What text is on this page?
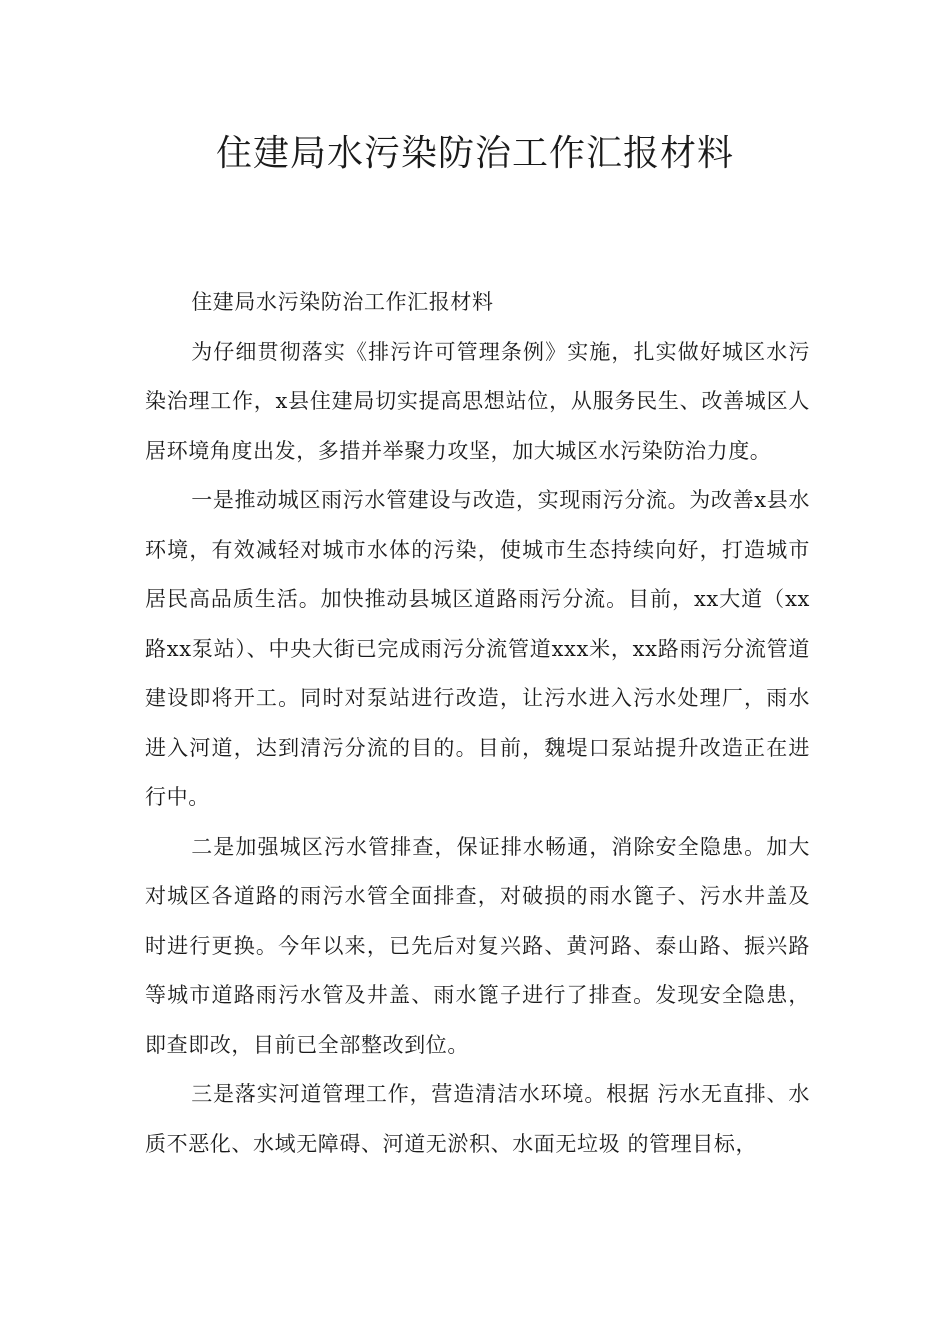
住建局水污染防治工作汇报材料

住建局水污染防治工作汇报材料

为仔细贯彻落实《排污许可管理条例》实施，扎实做好城区水污染治理工作，x县住建局切实提高思想站位，从服务民生、改善城区人居环境角度出发，多措并举聚力攻坚，加大城区水污染防治力度。

一是推动城区雨污水管建设与改造，实现雨污分流。为改善x县水环境，有效减轻对城市水体的污染，使城市生态持续向好，打造城市居民高品质生活。加快推动县城区道路雨污分流。目前，xx大道（xx路xx泵站）、中央大街已完成雨污分流管道xxx米，xx路雨污分流管道建设即将开工。同时对泵站进行改造，让污水进入污水处理厂，雨水进入河道，达到清污分流的目的。目前，魏堤口泵站提升改造正在进行中。

二是加强城区污水管排查，保证排水畅通，消除安全隐患。加大对城区各道路的雨污水管全面排查，对破损的雨水篦子、污水井盖及时进行更换。今年以来，已先后对复兴路、黄河路、泰山路、振兴路等城市道路雨污水管及井盖、雨水篦子进行了排查。发现安全隐患，即查即改，目前已全部整改到位。

三是落实河道管理工作，营造清洁水环境。根据 污水无直排、水质不恶化、水域无障碍、河道无淤积、水面无垃圾 的管理目标，
